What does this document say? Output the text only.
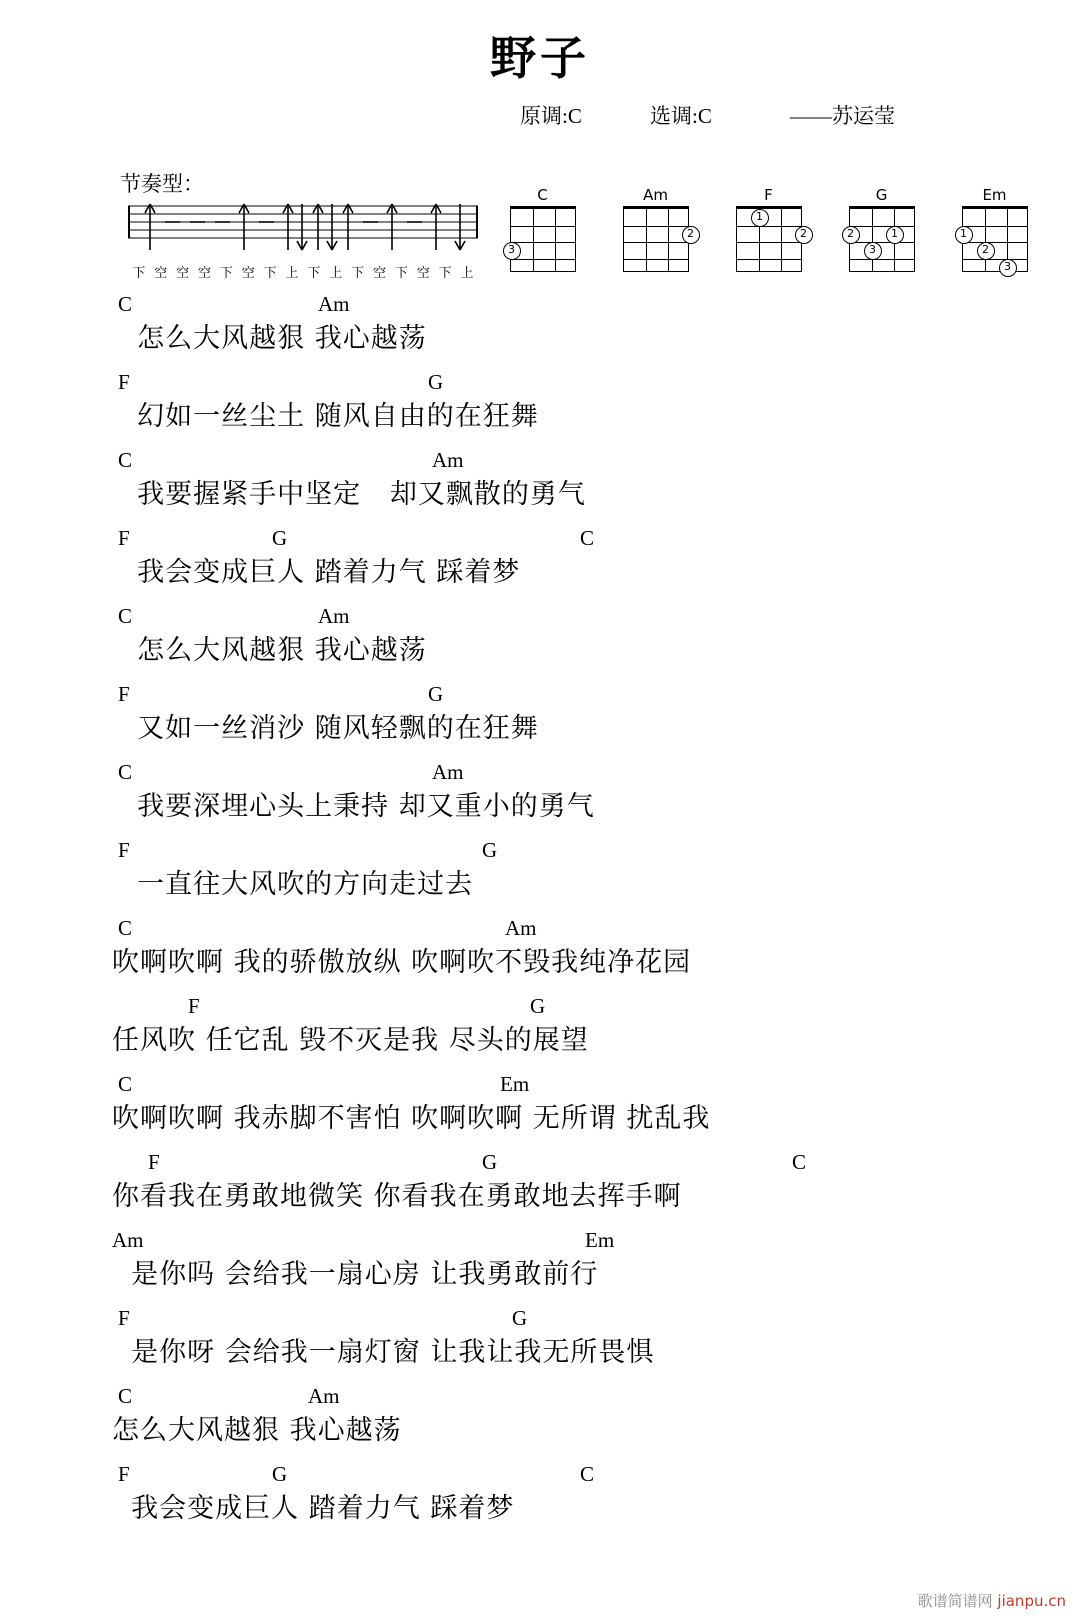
野子
原调:C	选调:C	——苏运莹
节奏型：
下 空 空 空 下 空 下 上 下 上 下 空 下 空 下 上
C
3
Am
2
F
1
2
G
1
3
2
Em
1
2
3
C	Am
怎么大风越狠 我心越荡
F	G
幻如一丝尘土 随风自由的在狂舞
C	Am
我要握紧手中坚定   却又飘散的勇气
F	G	C
我会变成巨人 踏着力气 踩着梦
C	Am
怎么大风越狠 我心越荡
F	G
又如一丝消沙 随风轻飘的在狂舞
C	Am
我要深埋心头上秉持 却又重小的勇气
F	G
一直往大风吹的方向走过去
C	Am
吹啊吹啊 我的骄傲放纵 吹啊吹不毁我纯净花园
F	G
任风吹 任它乱 毁不灭是我 尽头的展望
C	Em
吹啊吹啊 我赤脚不害怕 吹啊吹啊 无所谓 扰乱我
F	G	C
你看我在勇敢地微笑 你看我在勇敢地去挥手啊
Am	Em
是你吗 会给我一扇心房 让我勇敢前行
F	G
是你呀 会给我一扇灯窗 让我让我无所畏惧
C	Am
怎么大风越狠 我心越荡
F	G	C
我会变成巨人 踏着力气 踩着梦
歌谱简谱网 jianpu.cn
